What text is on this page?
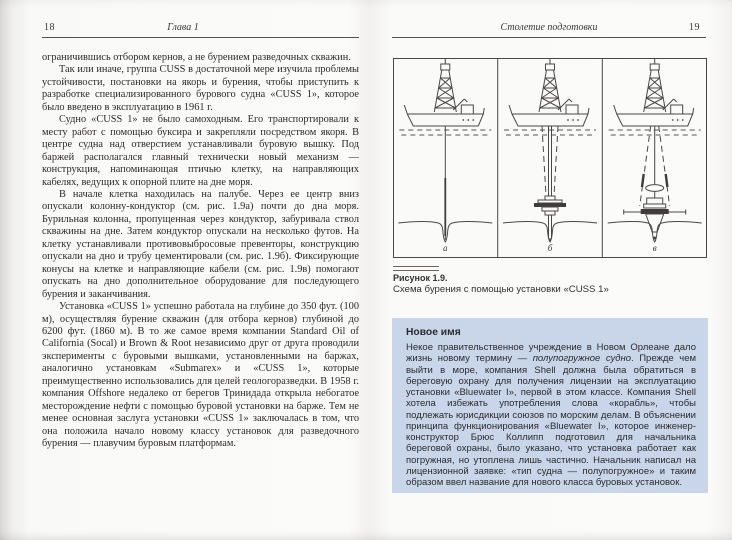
18	Глава 1

ограничившись отбором кернов, а не бурением разведочных скважин.

Так или иначе, группа CUSS в достаточной мере изучила проблемы устойчивости, постановки на якорь и бурения, чтобы приступить к разработке специализированного бурового судна «CUSS 1», которое было введено в эксплуатацию в 1961 г.

Судно «CUSS 1» не было самоходным. Его транспортировали к месту работ с помощью буксира и закрепляли посредством якоря. В центре судна над отверстием устанавливали буровую вышку. Под баржей располагался главный технически новый механизм — конструкция, напоминающая птичью клетку, на направляющих кабелях, ведущих к опорной плите на дне моря.

В начале клетка находилась на палубе. Через ее центр вниз опускали колонну-кондуктор (см. рис. 1.9а) почти до дна моря. Бурильная колонна, пропущенная через кондуктор, забуривала ствол скважины на дне. Затем кондуктор опускали на несколько футов. На клетку устанавливали противовыбросовые превенторы, конструкцию опускали на дно и трубу цементировали (см. рис. 1.9б). Фиксирующие конусы на клетке и направляющие кабели (см. рис. 1.9в) помогают опускать на дно дополнительное оборудование для последующего бурения и заканчивания.

Установка «CUSS 1» успешно работала на глубине до 350 фут. (100 м), осуществляя бурение скважин (для отбора кернов) глубиной до 6200 фут. (1860 м). В то же самое время компании Standard Oil of California (Socal) и Brown & Root независимо друг от друга проводили эксперименты с буровыми вышками, установленными на баржах, аналогично установкам «Submarex» и «CUSS 1», которые преимущественно использовались для целей геологоразведки. В 1958 г. компания Offshore недалеко от берегов Тринидада открыла небогатое месторождение нефти с помощью буровой установки на барже. Тем не менее основная заслуга установки «CUSS 1» заключалась в том, что она положила начало новому классу установок для разведочного бурения — плавучим буровым платформам.

Столетие подготовки	19
а	б	в
Рисунок 1.9.
Схема бурения с помощью установки «CUSS 1»

Новое имя

Некое правительственное учреждение в Новом Орлеане дало жизнь новому термину — полупогружное судно. Прежде чем выйти в море, компания Shell должна была обратиться в береговую охрану для получения лицензии на эксплуатацию установки «Bluewater I», первой в этом классе. Компания Shell хотела избежать употребления слова «корабль», чтобы подлежать юрисдикции союзов по морским делам. В объяснении принципа функционирования «Bluewater I», которое инженер-конструктор Брюс Коллипп подготовил для начальника береговой охраны, было указано, что установка работает как погружная, но утоплена лишь частично. Начальник написал на лицензионной заявке: «тип судна — полупогружное» и таким образом ввел название для нового класса буровых установок.
